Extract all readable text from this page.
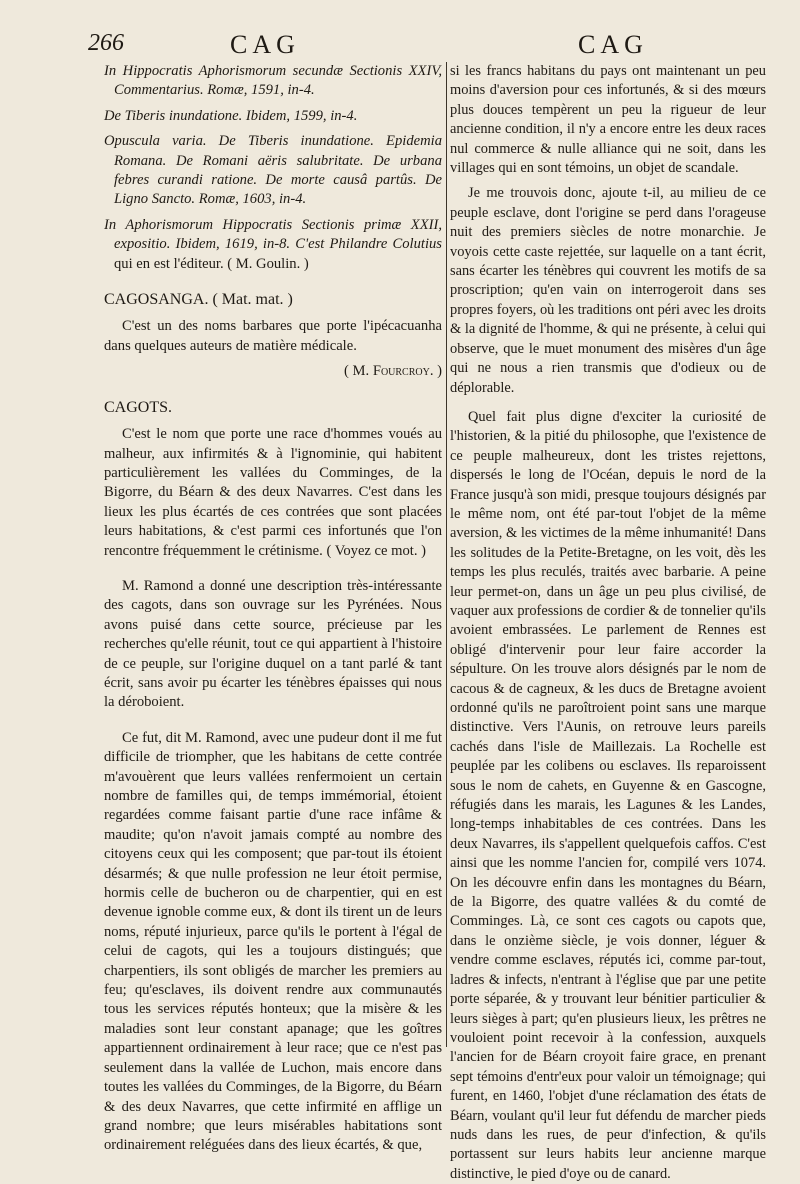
266	CAG	CAG

In Hippocratis Aphorismorum secundæ Sectionis XXIV, Commentarius. Romæ, 1591, in-4.

De Tiberis inundatione. Ibidem, 1599, in-4.

Opuscula varia. De Tiberis inundatione. Epidemia Romana. De Romani aëris salubritate. De urbana febres curandi ratione. De morte causâ partûs. De Ligno Sancto. Romæ, 1603, in-4.

In Aphorismorum Hippocratis Sectionis primæ XXII, expositio. Ibidem, 1619, in-8. C'est Philandre Colutius qui en est l'éditeur. ( M. Goulin. )

CAGOSANGA. ( Mat. mat. )

C'est un des noms barbares que porte l'ipécacuanha dans quelques auteurs de matière médicale.

( M. Fourcroy. )

CAGOTS.

C'est le nom que porte une race d'hommes voués au malheur, aux infirmités & à l'ignominie, qui habitent particulièrement les vallées du Comminges, de la Bigorre, du Béarn & des deux Navarres. C'est dans les lieux les plus écartés de ces contrées que sont placées leurs habitations, & c'est parmi ces infortunés que l'on rencontre fréquemment le crétinisme. ( Voyez ce mot. )

M. Ramond a donné une description très-intéressante des cagots, dans son ouvrage sur les Pyrénées. Nous avons puisé dans cette source, précieuse par les recherches qu'elle réunit, tout ce qui appartient à l'histoire de ce peuple, sur l'origine duquel on a tant parlé & tant écrit, sans avoir pu écarter les ténèbres épaisses qui nous la déroboient.

Ce fut, dit M. Ramond, avec une pudeur dont il me fut difficile de triompher, que les habitans de cette contrée m'avouèrent que leurs vallées renfermoient un certain nombre de familles qui, de temps immémorial, étoient regardées comme faisant partie d'une race infâme & maudite; qu'on n'avoit jamais compté au nombre des citoyens ceux qui les composent; que par-tout ils étoient désarmés; & que nulle profession ne leur étoit permise, hormis celle de bucheron ou de charpentier, qui en est devenue ignoble comme eux, & dont ils tirent un de leurs noms, réputé injurieux, parce qu'ils le portent à l'égal de celui de cagots, qui les a toujours distingués; que charpentiers, ils sont obligés de marcher les premiers au feu; qu'esclaves, ils doivent rendre aux communautés tous les services réputés honteux; que la misère & les maladies sont leur constant apanage; que les goîtres appartiennent ordinairement à leur race; que ce n'est pas seulement dans la vallée de Luchon, mais encore dans toutes les vallées du Comminges, de la Bigorre, du Béarn & des deux Navarres, que cette infirmité en afflige un grand nombre; que leurs misérables habitations sont ordinairement reléguées dans des lieux écartés, & que,

si les francs habitans du pays ont maintenant un peu moins d'aversion pour ces infortunés, & si des mœurs plus douces tempèrent un peu la rigueur de leur ancienne condition, il n'y a encore entre les deux races nul commerce & nulle alliance qui ne soit, dans les villages qui en sont témoins, un objet de scandale.

Je me trouvois donc, ajoute t-il, au milieu de ce peuple esclave, dont l'origine se perd dans l'orageuse nuit des premiers siècles de notre monarchie. Je voyois cette caste rejettée, sur laquelle on a tant écrit, sans écarter les ténèbres qui couvrent les motifs de sa proscription; qu'en vain on interrogeroit dans ses propres foyers, où les traditions ont péri avec les droits & la dignité de l'homme, & qui ne présente, à celui qui observe, que le muet monument des misères d'un âge qui ne nous a rien transmis que d'odieux ou de déplorable.

Quel fait plus digne d'exciter la curiosité de l'historien, & la pitié du philosophe, que l'existence de ce peuple malheureux, dont les tristes rejettons, dispersés le long de l'Océan, depuis le nord de la France jusqu'à son midi, presque toujours désignés par le même nom, ont été par-tout l'objet de la même aversion, & les victimes de la même inhumanité! Dans les solitudes de la Petite-Bretagne, on les voit, dès les temps les plus reculés, traités avec barbarie. A peine leur permet-on, dans un âge un peu plus civilisé, de vaquer aux professions de cordier & de tonnelier qu'ils avoient embrassées. Le parlement de Rennes est obligé d'intervenir pour leur faire accorder la sépulture. On les trouve alors désignés par le nom de cacous & de cagneux, & les ducs de Bretagne avoient ordonné qu'ils ne paroîtroient point sans une marque distinctive. Vers l'Aunis, on retrouve leurs pareils cachés dans l'isle de Maillezais. La Rochelle est peuplée par les colibens ou esclaves. Ils reparoissent sous le nom de cahets, en Guyenne & en Gascogne, réfugiés dans les marais, les Lagunes & les Landes, long-temps inhabitables de ces contrées. Dans les deux Navarres, ils s'appellent quelquefois caffos. C'est ainsi que les nomme l'ancien for, compilé vers 1074. On les découvre enfin dans les montagnes du Béarn, de la Bigorre, des quatre vallées & du comté de Comminges. Là, ce sont ces cagots ou capots que, dans le onzième siècle, je vois donner, léguer & vendre comme esclaves, réputés ici, comme par-tout, ladres & infects, n'entrant à l'église que par une petite porte séparée, & y trouvant leur bénitier particulier & leurs sièges à part; qu'en plusieurs lieux, les prêtres ne vouloient point recevoir à la confession, auxquels l'ancien for de Béarn croyoit faire grace, en prenant sept témoins d'entr'eux pour valoir un témoignage; qui furent, en 1460, l'objet d'une réclamation des états de Béarn, voulant qu'il leur fut défendu de marcher pieds nuds dans les rues, de peur d'infection, & qu'ils portassent sur leurs habits leur ancienne marque distinctive, le pied d'oye ou de canard.
